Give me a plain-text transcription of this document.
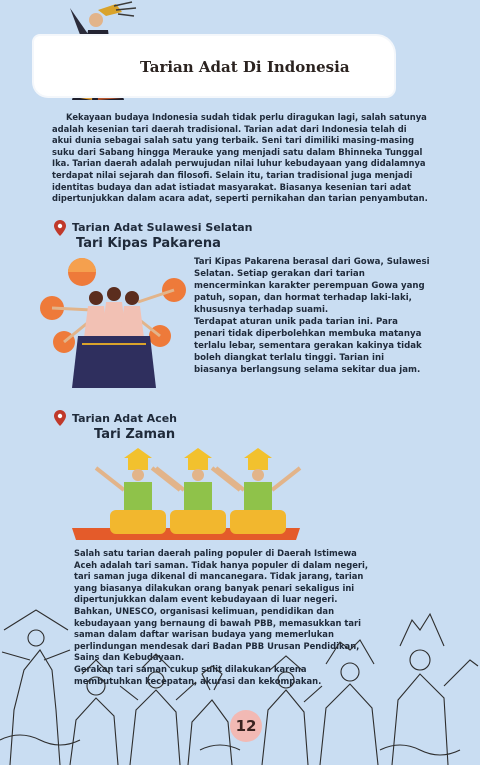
Tarian Adat Di Indonesia

Kekayaan budaya Indonesia sudah tidak perlu diragukan lagi, salah satunya adalah kesenian tari daerah tradisional. Tarian adat dari Indonesia telah di akui dunia sebagai salah satu yang terbaik. Seni tari dimiliki masing-masing suku dari Sabang hingga Merauke yang menjadi satu dalam Bhinneka Tunggal Ika. Tarian daerah adalah perwujudan nilai luhur kebudayaan yang didalamnya terdapat nilai sejarah dan filosofi. Selain itu, tarian tradisional juga menjadi identitas budaya dan adat istiadat masyarakat. Biasanya kesenian tari adat dipertunjukkan dalam acara adat, seperti pernikahan dan tarian penyambutan.

Tarian Adat Sulawesi Selatan
Tari Kipas Pakarena

Tari Kipas Pakarena berasal dari Gowa, Sulawesi Selatan. Setiap gerakan dari tarian mencerminkan karakter perempuan Gowa yang patuh, sopan, dan hormat terhadap laki-laki, khususnya terhadap suami.

Terdapat aturan unik pada tarian ini. Para penari tidak diperbolehkan membuka matanya terlalu lebar, sementara gerakan kakinya tidak boleh diangkat terlalu tinggi. Tarian ini biasanya berlangsung selama sekitar dua jam.

Tarian Adat Aceh
Tari Zaman

Salah satu tarian daerah paling populer di Daerah Istimewa Aceh adalah tari saman. Tidak hanya populer di dalam negeri, tari saman juga dikenal di mancanegara. Tidak jarang, tarian yang biasanya dilakukan orang banyak penari sekaligus ini dipertunjukkan dalam event kebudayaan di luar negeri.

Bahkan, UNESCO, organisasi kelimuan, pendidikan dan kebudayaan yang bernaung di bawah PBB, memasukkan tari saman dalam daftar warisan budaya yang memerlukan perlindungan mendesak dari Badan PBB Urusan Pendidikan, Sains dan Kebudayaan.

Gerakan tari saman cukup sulit dilakukan karena membutuhkan kecepatan, akurasi dan kekompakan.

12
